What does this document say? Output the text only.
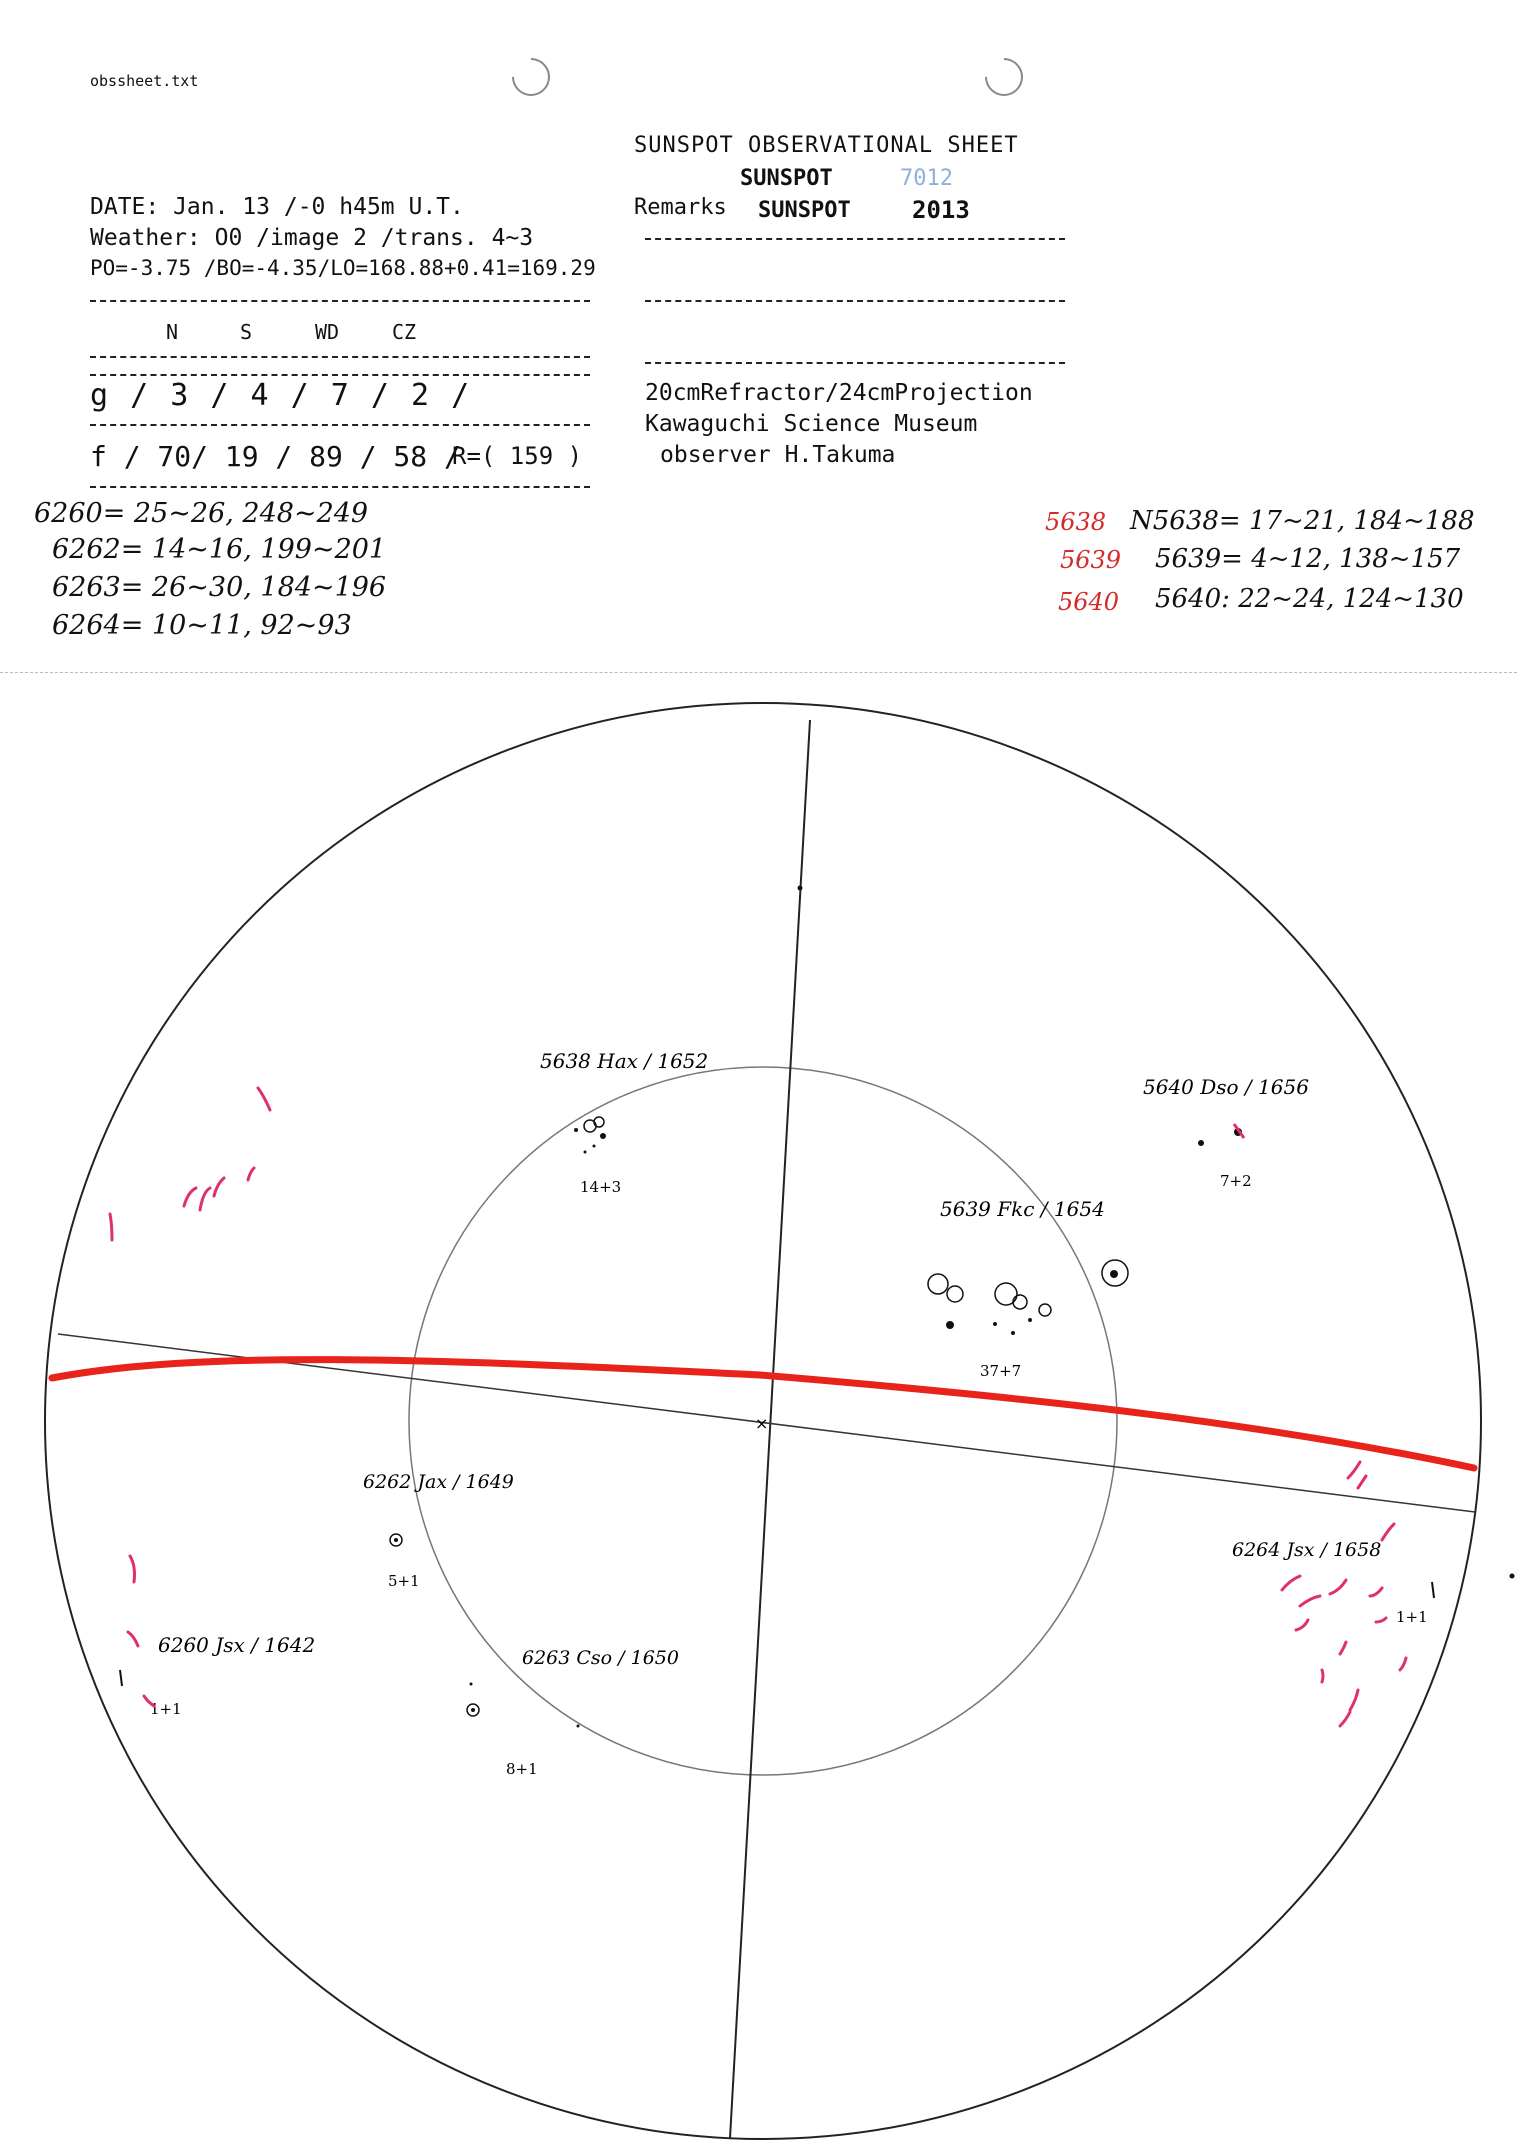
obssheet.txt
SUNSPOT OBSERVATIONAL SHEET
SUNSPOT	7012
Remarks SUNSPOT	2013
DATE: Jan. 13 /-0 h45m U.T.
Weather: O0 /image 2 /trans. 4~3
PO=-3.75 /BO=-4.35/LO=168.88+0.41=169.29
N	S	WD	CZ
g / 3 / 4 / 7 / 2 /
f / 70/ 19 / 89 / 58 /
R=( 159 )
20cmRefractor/24cmProjection
Kawaguchi Science Museum
observer H.Takuma
6260= 25~26, 248~249
6262= 14~16, 199~201
6263= 26~30, 184~196
6264= 10~11, 92~93
5638 N5638= 17~21, 184~188
5639 5639= 4~12, 138~157
5640 5640: 22~24, 124~130
×
5638 Hax / 1652
14+3
5640 Dso / 1656
7+2
5639 Fkc / 1654
37+7
6262 Jax / 1649
5+1
6260 Jsx / 1642
1+1
6263 Cso / 1650
8+1
6264 Jsx / 1658
1+1
